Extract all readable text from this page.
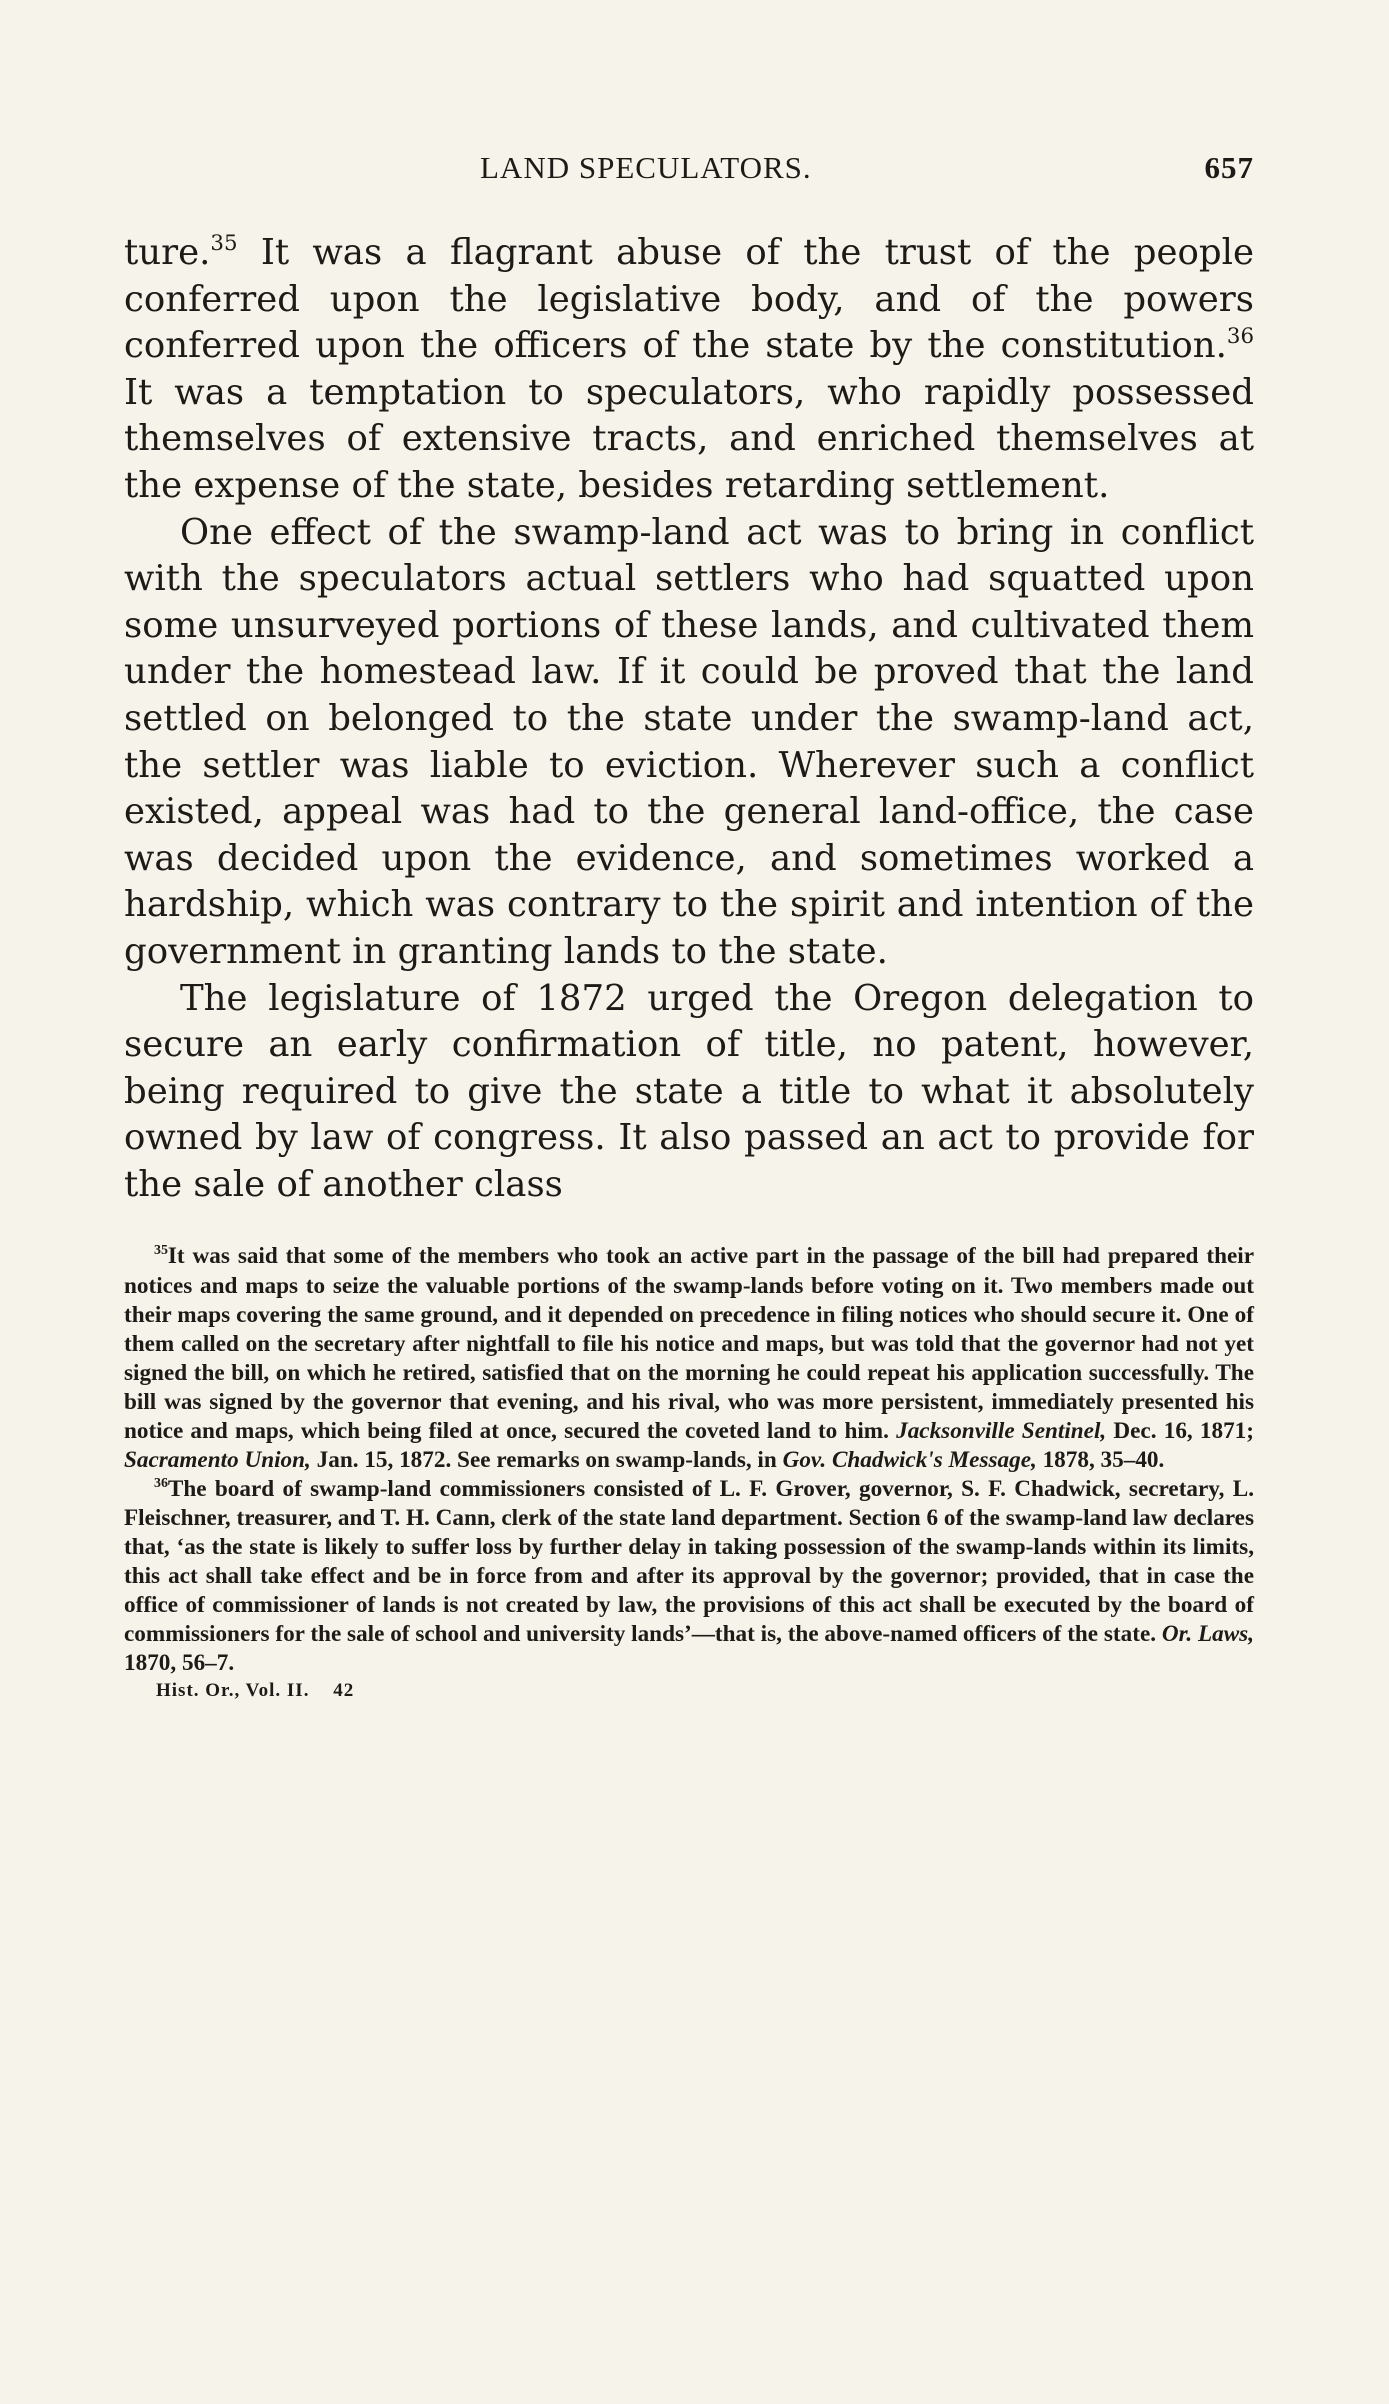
LAND SPECULATORS.	657

ture.$^{35}$ It was a flagrant abuse of the trust of the people conferred upon the legislative body, and of the powers conferred upon the officers of the state by the constitution.$^{36}$ It was a temptation to speculators, who rapidly possessed themselves of extensive tracts, and enriched themselves at the expense of the state, besides retarding settlement.

One effect of the swamp-land act was to bring in conflict with the speculators actual settlers who had squatted upon some unsurveyed portions of these lands, and cultivated them under the homestead law. If it could be proved that the land settled on belonged to the state under the swamp-land act, the settler was liable to eviction. Wherever such a conflict existed, appeal was had to the general land-office, the case was decided upon the evidence, and sometimes worked a hardship, which was contrary to the spirit and intention of the government in granting lands to the state.

The legislature of 1872 urged the Oregon delegation to secure an early confirmation of title, no patent, however, being required to give the state a title to what it absolutely owned by law of congress. It also passed an act to provide for the sale of another class

$^{35}$It was said that some of the members who took an active part in the passage of the bill had prepared their notices and maps to seize the valuable portions of the swamp-lands before voting on it. Two members made out their maps covering the same ground, and it depended on precedence in filing notices who should secure it. One of them called on the secretary after nightfall to file his notice and maps, but was told that the governor had not yet signed the bill, on which he retired, satisfied that on the morning he could repeat his application successfully. The bill was signed by the governor that evening, and his rival, who was more persistent, immediately presented his notice and maps, which being filed at once, secured the coveted land to him. Jacksonville Sentinel, Dec. 16, 1871; Sacramento Union, Jan. 15, 1872. See remarks on swamp-lands, in Gov. Chadwick's Message, 1878, 35–40.

$^{36}$The board of swamp-land commissioners consisted of L. F. Grover, governor, S. F. Chadwick, secretary, L. Fleischner, treasurer, and T. H. Cann, clerk of the state land department. Section 6 of the swamp-land law declares that, ‘as the state is likely to suffer loss by further delay in taking possession of the swamp-lands within its limits, this act shall take effect and be in force from and after its approval by the governor; provided, that in case the office of commissioner of lands is not created by law, the provisions of this act shall be executed by the board of commissioners for the sale of school and university lands’—that is, the above-named officers of the state. Or. Laws, 1870, 56–7.

Hist. Or., Vol. II. 42
